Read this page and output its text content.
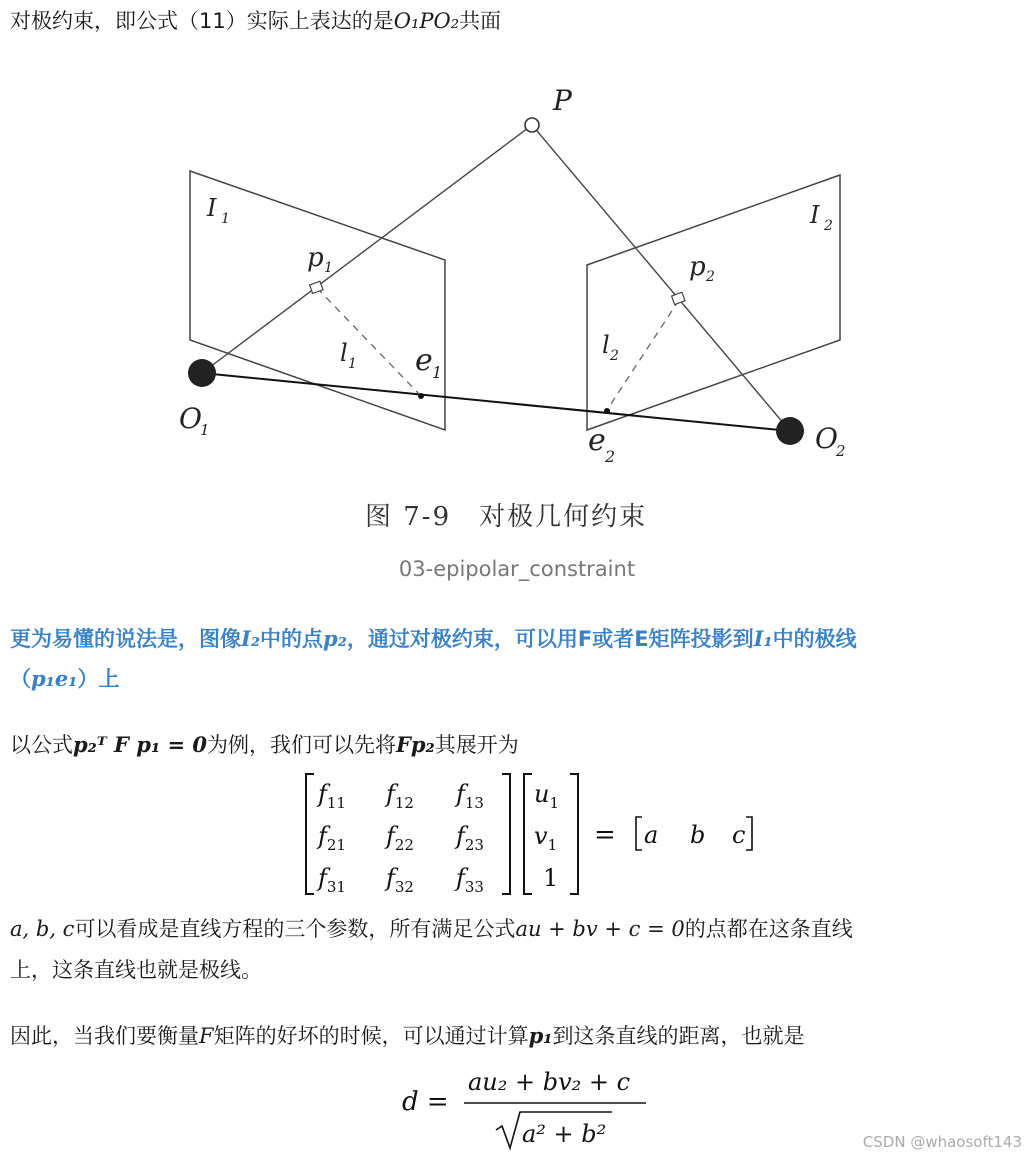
对极约束，即公式（11）实际上表达的是O₁PO₂共面
P
I 1	I 2
p 1	p 2
l 1
l 2
e 1
e 2
O
1	O
2
图 7-9　对极几何约束
03-epipolar_constraint
更为易懂的说法是，图像I₂中的点p₂，通过对极约束，可以用F或者E矩阵投影到I₁中的极线
（p₁e₁）上
以公式p₂ᵀ F p₁ = 0为例，我们可以先将Fp₂其展开为
$f_{11}$ $f_{12}$ $f_{13}$
$f_{21}$ $f_{22}$ $f_{23}$
$f_{31}$ $f_{32}$ $f_{33}$
$u_1$
$v_1$
1
= a b c
a, b, c可以看成是直线方程的三个参数，所有满足公式au + bv + c = 0的点都在这条直线
上，这条直线也就是极线。
因此，当我们要衡量F矩阵的好坏的时候，可以通过计算p₁到这条直线的距离，也就是
d =
au₂ + bv₂ + c
a² + b²	CSDN @whaosoft143
